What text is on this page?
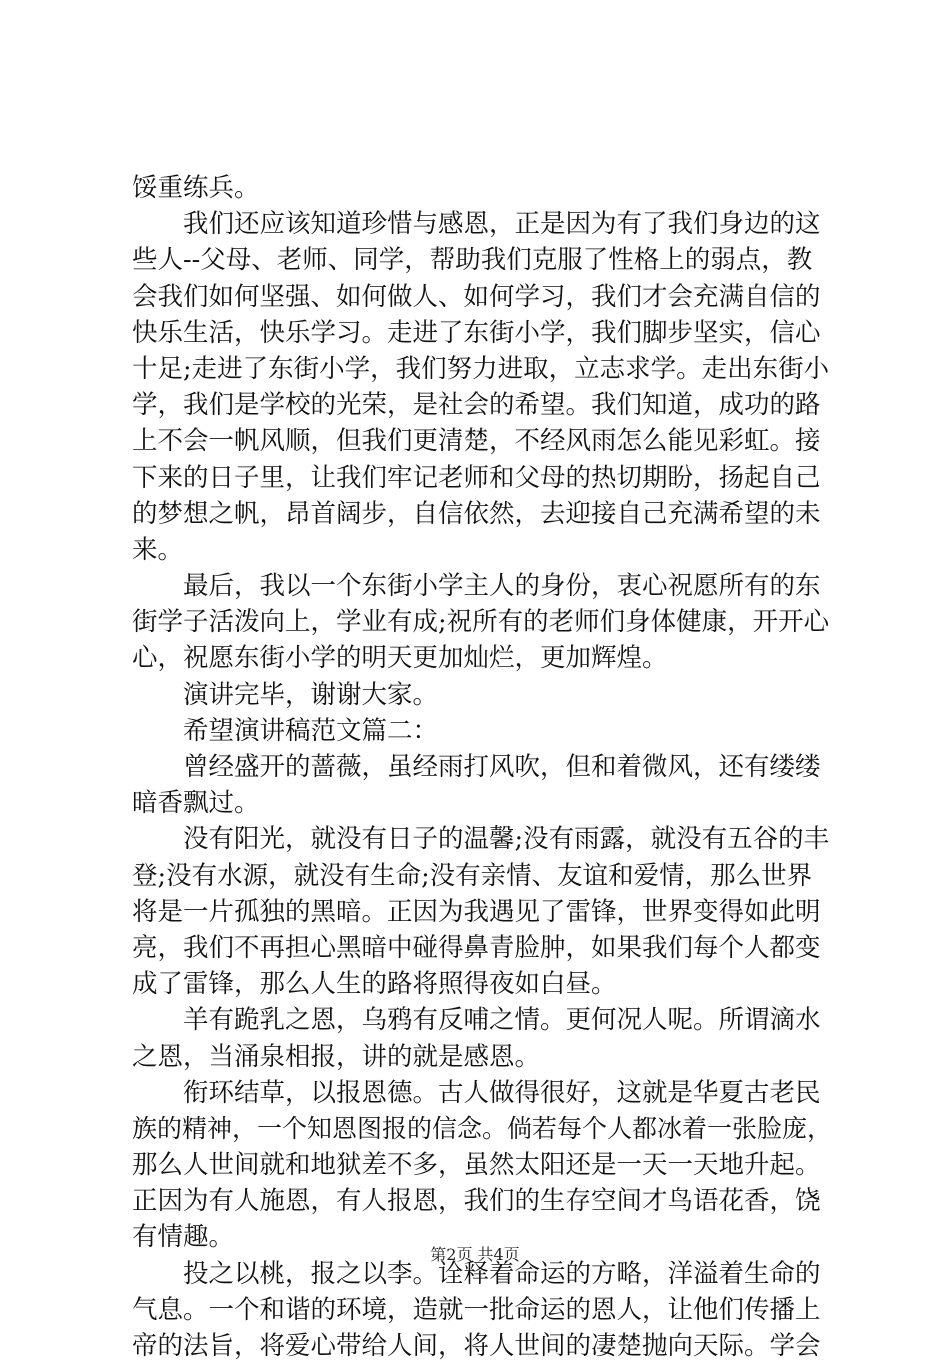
馁重练兵。
　　我们还应该知道珍惜与感恩，正是因为有了我们身边的这
些人--父母、老师、同学，帮助我们克服了性格上的弱点，教
会我们如何坚强、如何做人、如何学习，我们才会充满自信的
快乐生活，快乐学习。走进了东街小学，我们脚步坚实，信心
十足;走进了东街小学，我们努力进取，立志求学。走出东街小
学，我们是学校的光荣，是社会的希望。我们知道，成功的路
上不会一帆风顺，但我们更清楚，不经风雨怎么能见彩虹。接
下来的日子里，让我们牢记老师和父母的热切期盼，扬起自己
的梦想之帆，昂首阔步，自信依然，去迎接自己充满希望的未
来。
　　最后，我以一个东街小学主人的身份，衷心祝愿所有的东
街学子活泼向上，学业有成;祝所有的老师们身体健康，开开心
心，祝愿东街小学的明天更加灿烂，更加辉煌。
　　演讲完毕，谢谢大家。
　　希望演讲稿范文篇二：
　　曾经盛开的蔷薇，虽经雨打风吹，但和着微风，还有缕缕
暗香飘过。
　　没有阳光，就没有日子的温馨;没有雨露，就没有五谷的丰
登;没有水源，就没有生命;没有亲情、友谊和爱情，那么世界
将是一片孤独的黑暗。正因为我遇见了雷锋，世界变得如此明
亮，我们不再担心黑暗中碰得鼻青脸肿，如果我们每个人都变
成了雷锋，那么人生的路将照得夜如白昼。
　　羊有跪乳之恩，乌鸦有反哺之情。更何况人呢。所谓滴水
之恩，当涌泉相报，讲的就是感恩。
　　衔环结草，以报恩德。古人做得很好，这就是华夏古老民
族的精神，一个知恩图报的信念。倘若每个人都冰着一张脸庞，
那么人世间就和地狱差不多，虽然太阳还是一天一天地升起。
正因为有人施恩，有人报恩，我们的生存空间才鸟语花香，饶
有情趣。
　　投之以桃，报之以李。诠释着命运的方略，洋溢着生命的
气息。一个和谐的环境，造就一批命运的恩人，让他们传播上
帝的法旨，将爱心带给人间，将人世间的凄楚抛向天际。学会
第2页 共4页
